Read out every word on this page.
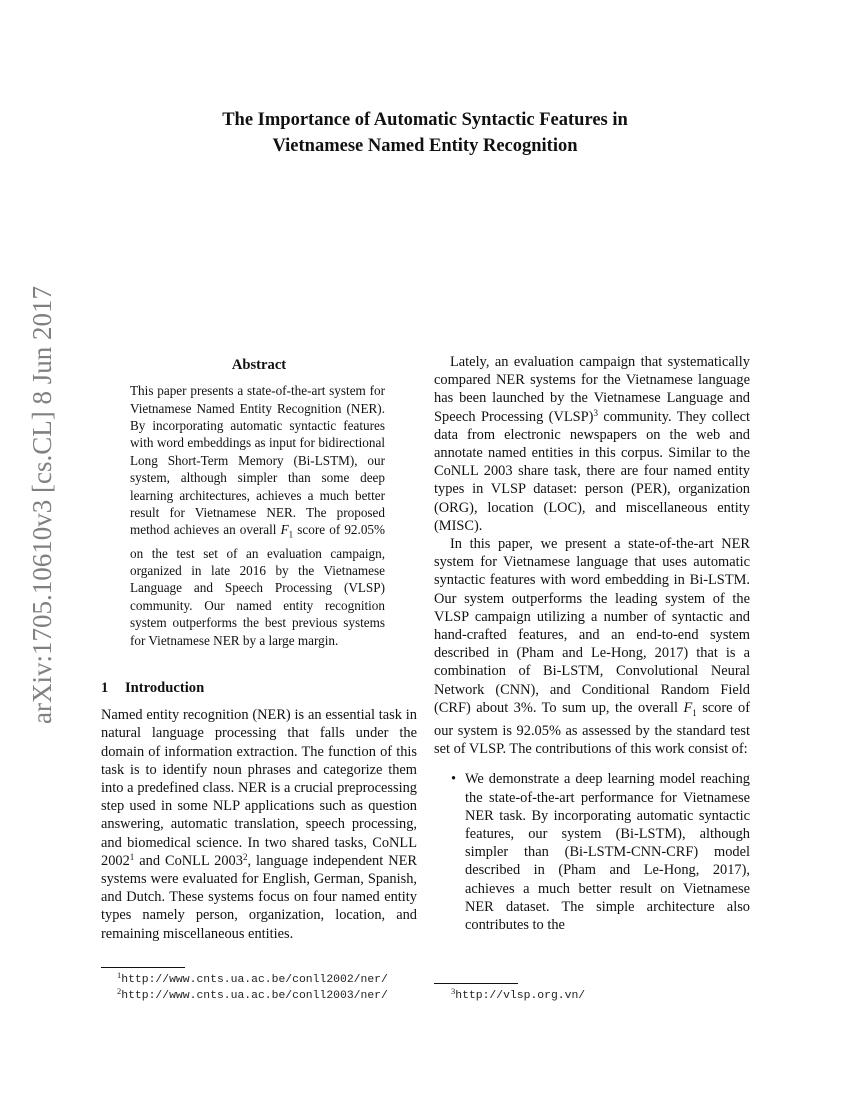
arXiv:1705.10610v3 [cs.CL] 8 Jun 2017
The Importance of Automatic Syntactic Features in
Vietnamese Named Entity Recognition
Abstract

This paper presents a state-of-the-art system for Vietnamese Named Entity Recognition (NER). By incorporating automatic syntactic features with word embeddings as input for bidirectional Long Short-Term Memory (Bi-LSTM), our system, although simpler than some deep learning architectures, achieves a much better result for Vietnamese NER. The proposed method achieves an overall $F_1$ score of 92.05% on the test set of an evaluation campaign, organized in late 2016 by the Vietnamese Language and Speech Processing (VLSP) community. Our named entity recognition system outperforms the best previous systems for Vietnamese NER by a large margin.

1 Introduction

Named entity recognition (NER) is an essential task in natural language processing that falls under the domain of information extraction. The function of this task is to identify noun phrases and categorize them into a predefined class. NER is a crucial preprocessing step used in some NLP applications such as question answering, automatic translation, speech processing, and biomedical science. In two shared tasks, CoNLL 2002$^1$ and CoNLL 2003$^2$, language independent NER systems were evaluated for English, German, Spanish, and Dutch. These systems focus on four named entity types namely person, organization, location, and remaining miscellaneous entities.

$^1$http://www.cnts.ua.ac.be/conll2002/ner/
$^2$http://www.cnts.ua.ac.be/conll2003/ner/

Lately, an evaluation campaign that systematically compared NER systems for the Vietnamese language has been launched by the Vietnamese Language and Speech Processing (VLSP)$^3$ community. They collect data from electronic newspapers on the web and annotate named entities in this corpus. Similar to the CoNLL 2003 share task, there are four named entity types in VLSP dataset: person (PER), organization (ORG), location (LOC), and miscellaneous entity (MISC).

In this paper, we present a state-of-the-art NER system for Vietnamese language that uses automatic syntactic features with word embedding in Bi-LSTM. Our system outperforms the leading system of the VLSP campaign utilizing a number of syntactic and hand-crafted features, and an end-to-end system described in (Pham and Le-Hong, 2017) that is a combination of Bi-LSTM, Convolutional Neural Network (CNN), and Conditional Random Field (CRF) about 3%. To sum up, the overall $F_1$ score of our system is 92.05% as assessed by the standard test set of VLSP. The contributions of this work consist of:

• We demonstrate a deep learning model reaching the state-of-the-art performance for Vietnamese NER task. By incorporating automatic syntactic features, our system (Bi-LSTM), although simpler than (Bi-LSTM-CNN-CRF) model described in (Pham and Le-Hong, 2017), achieves a much better result on Vietnamese NER dataset. The simple architecture also contributes to the
$^3$http://vlsp.org.vn/
